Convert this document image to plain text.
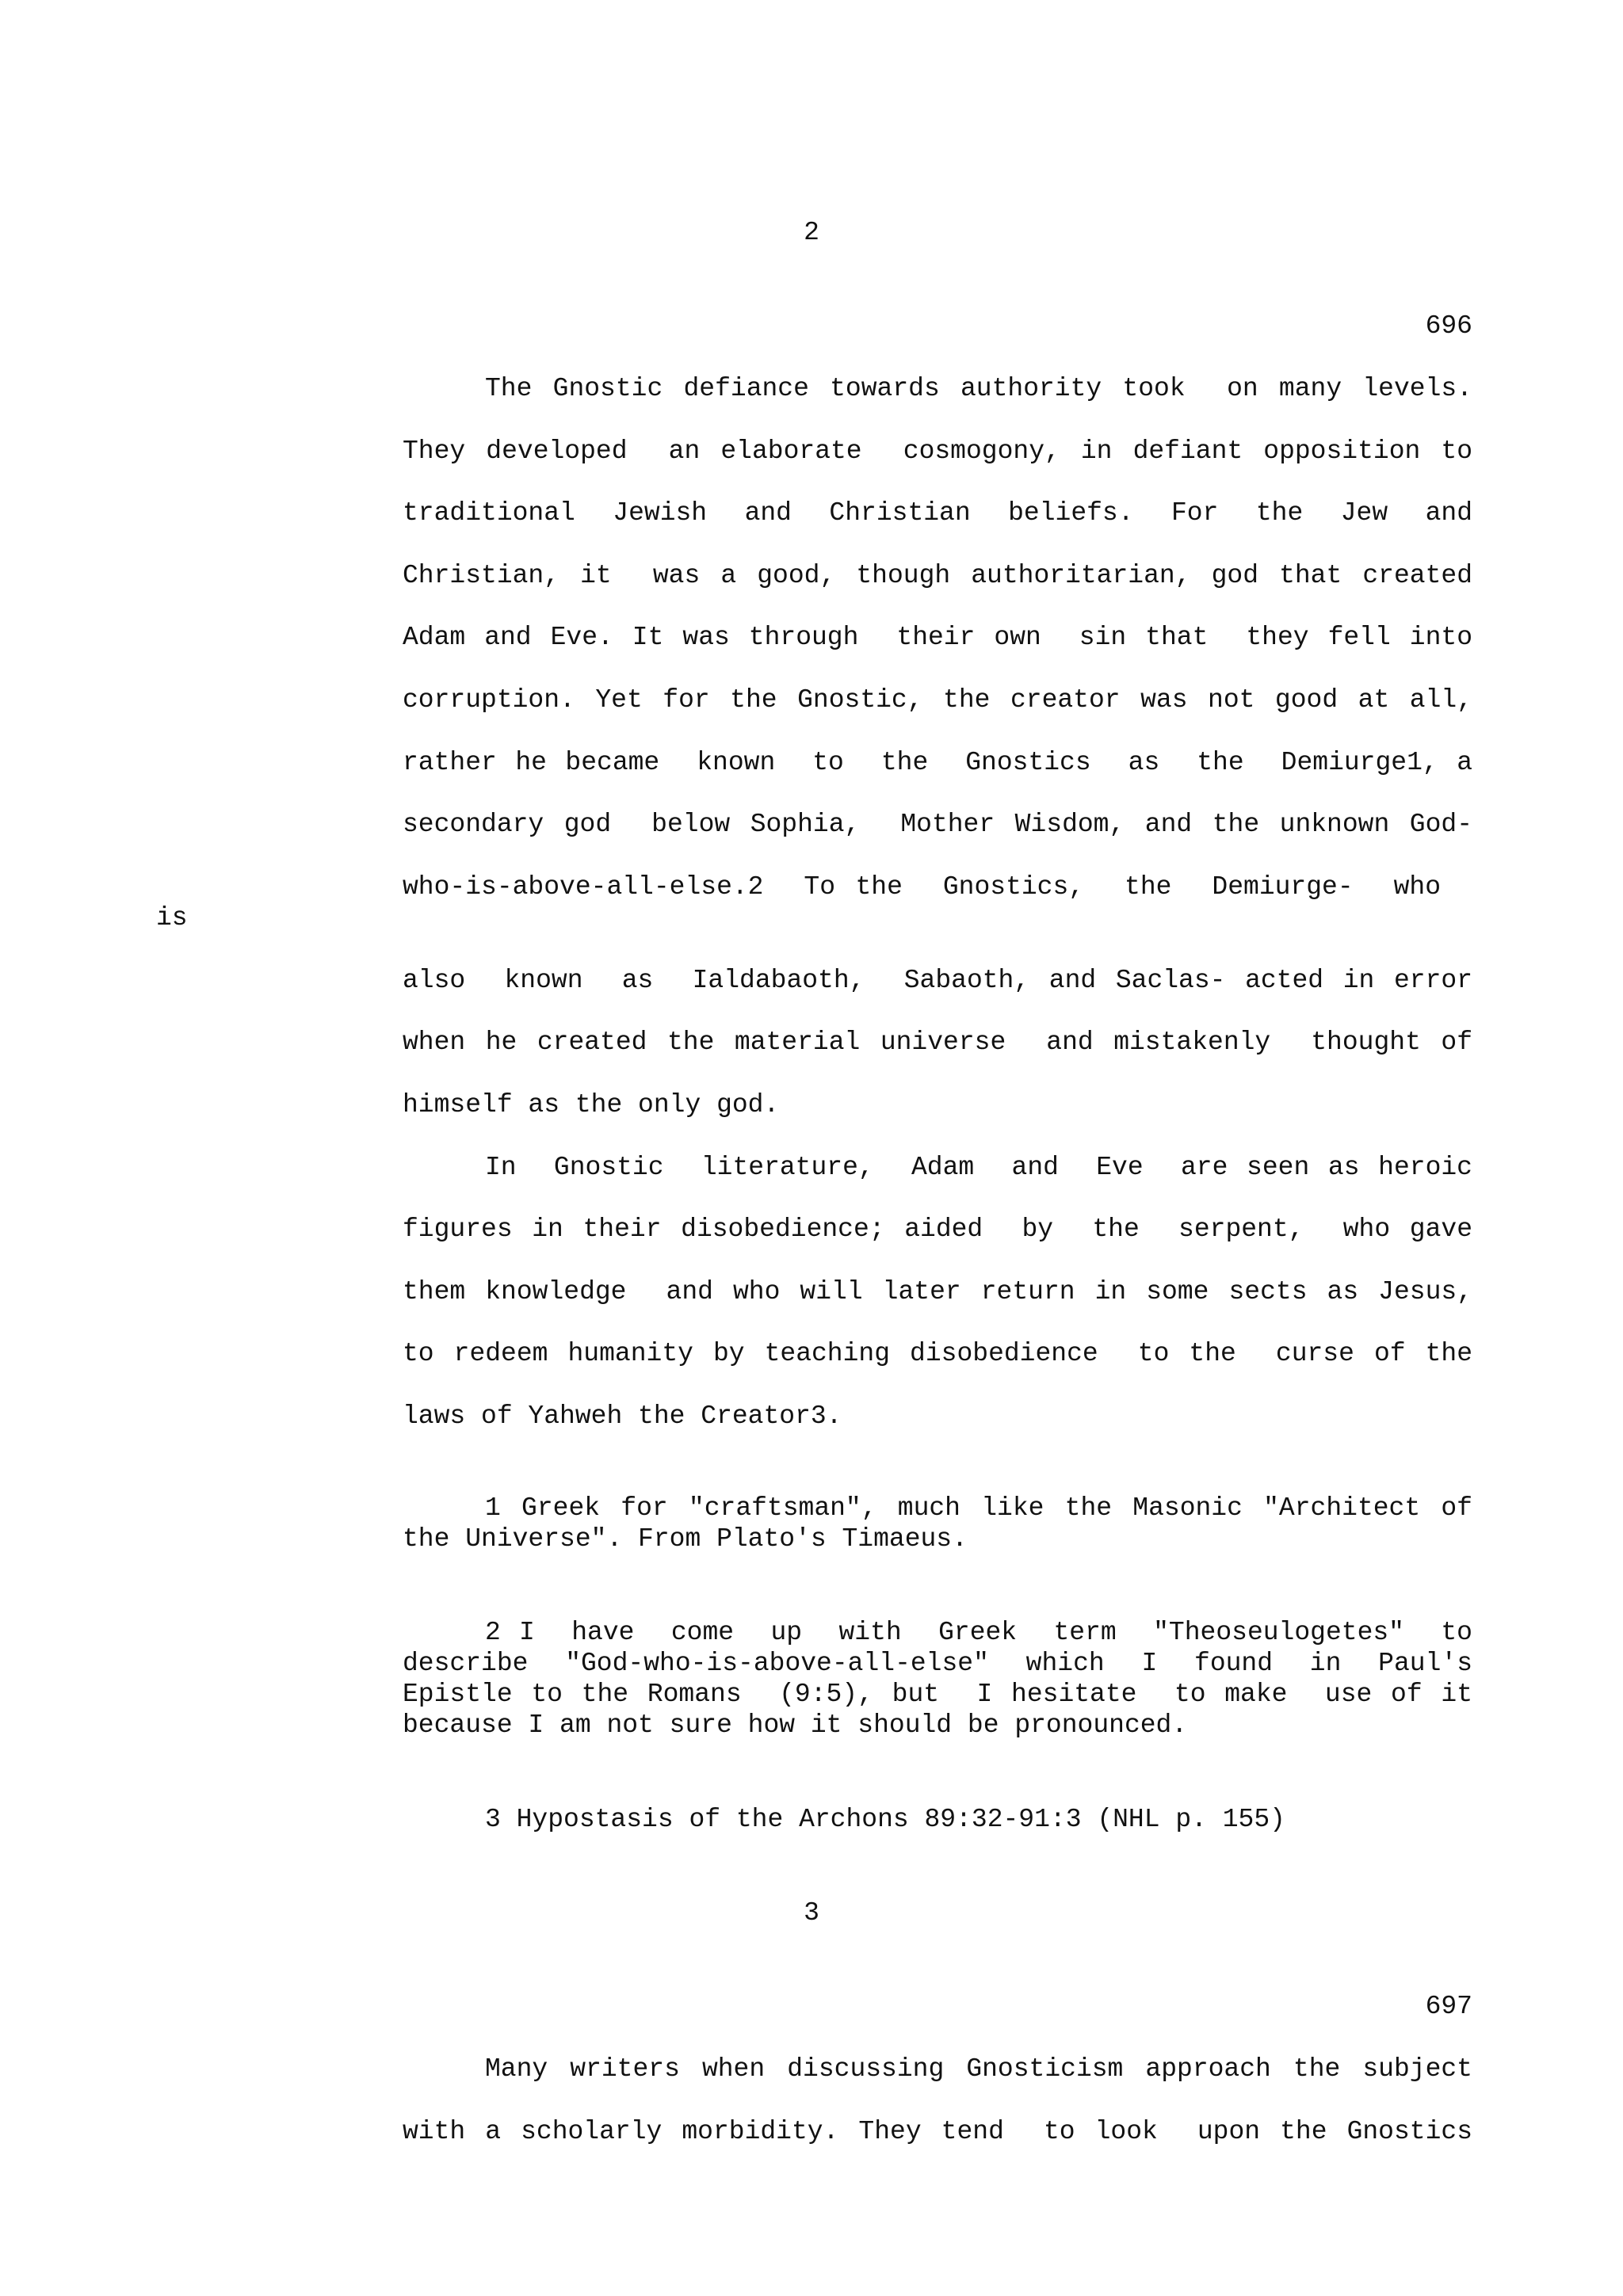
2
696
The Gnostic defiance towards authority took  on many levels.
They developed  an elaborate  cosmogony, in defiant opposition to
traditional  Jewish  and  Christian  beliefs.  For  the  Jew  and
Christian, it  was a good, though authoritarian, god that created
Adam and Eve. It was through  their own  sin that  they fell into
corruption. Yet for the Gnostic, the creator was not good at all,
rather he became  known  to  the  Gnostics  as  the  Demiurge1, a
secondary god  below Sophia,  Mother Wisdom, and the unknown God-
who-is-above-all-else.2  To the  Gnostics,  the  Demiurge-  who
is
also  known  as  Ialdabaoth,  Sabaoth, and Saclas- acted in error
when he created the material universe  and mistakenly  thought of
himself as the only god.
In  Gnostic  literature,  Adam  and  Eve  are seen as heroic
figures in their disobedience; aided  by  the  serpent,  who gave
them knowledge  and who will later return in some sects as Jesus,
to redeem humanity by teaching disobedience  to the  curse of the
laws of Yahweh the Creator3.
1 Greek for "craftsman", much like the Masonic "Architect of
the Universe". From Plato's Timaeus.
2 I  have  come  up  with  Greek  term  "Theoseulogetes"  to
describe  "God-who-is-above-all-else"  which  I  found  in  Paul's
Epistle to the Romans  (9:5), but  I hesitate  to make  use of it
because I am not sure how it should be pronounced.
3 Hypostasis of the Archons 89:32-91:3 (NHL p. 155)
3
697
Many writers when discussing Gnosticism approach the subject
with a scholarly morbidity. They tend  to look  upon the Gnostics
